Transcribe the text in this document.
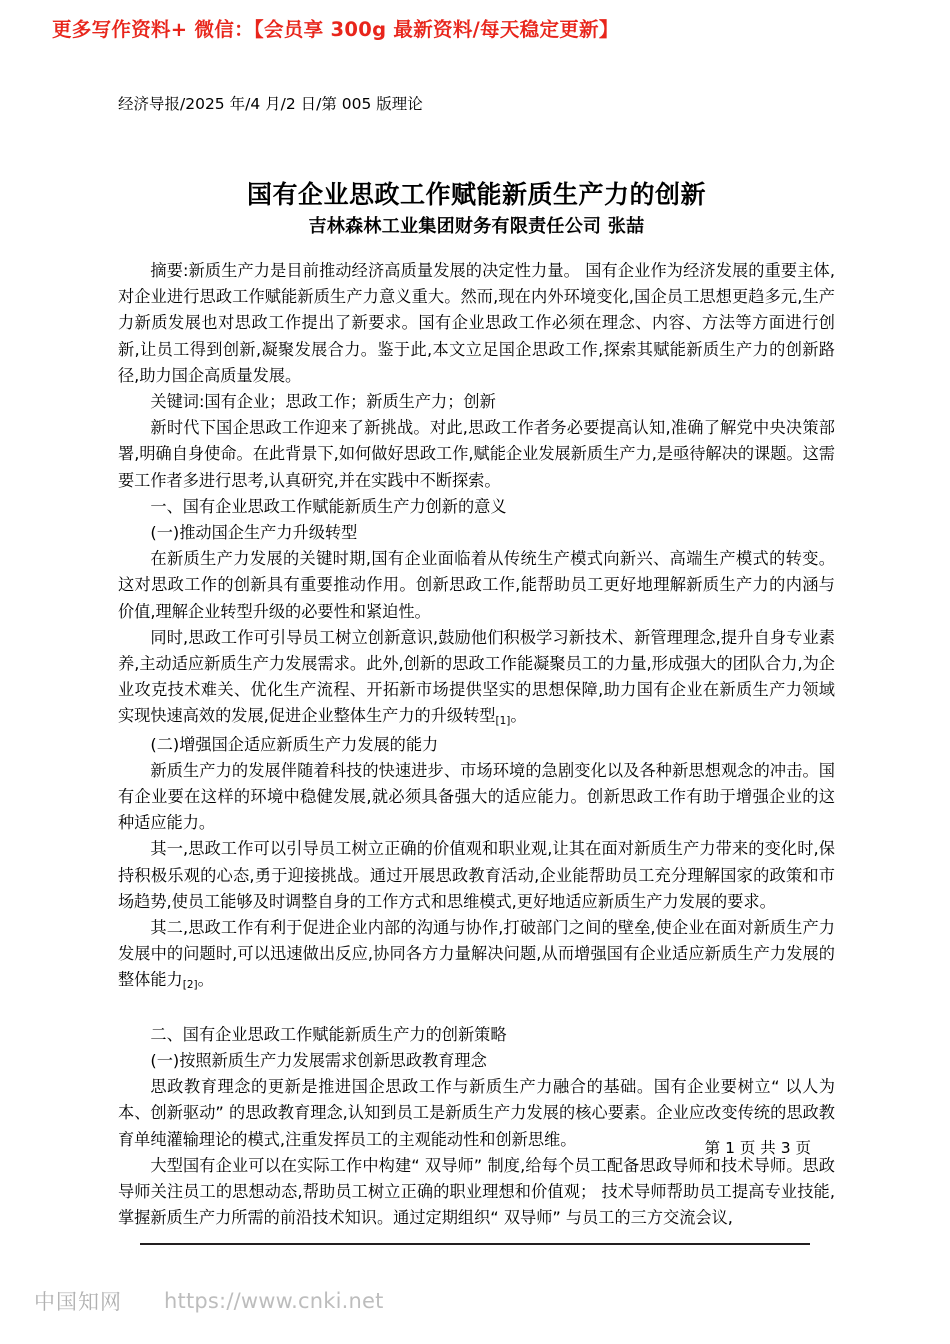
更多写作资料+ 微信：【会员享 300g 最新资料/每天稳定更新】
经济导报/2025 年/4 月/2 日/第 005 版理论
国有企业思政工作赋能新质生产力的创新
吉林森林工业集团财务有限责任公司 张喆

摘要:新质生产力是目前推动经济高质量发展的决定性力量。 国有企业作为经济发展的重要主体,对企业进行思政工作赋能新质生产力意义重大。然而,现在内外环境变化,国企员工思想更趋多元,生产力新质发展也对思政工作提出了新要求。国有企业思政工作必须在理念、内容、方法等方面进行创新,让员工得到创新,凝聚发展合力。鉴于此,本文立足国企思政工作,探索其赋能新质生产力的创新路径,助力国企高质量发展。

关键词:国有企业；思政工作；新质生产力；创新

新时代下国企思政工作迎来了新挑战。对此,思政工作者务必要提高认知,准确了解党中央决策部署,明确自身使命。在此背景下,如何做好思政工作,赋能企业发展新质生产力,是亟待解决的课题。这需要工作者多进行思考,认真研究,并在实践中不断探索。

一、国有企业思政工作赋能新质生产力创新的意义

(一)推动国企生产力升级转型

在新质生产力发展的关键时期,国有企业面临着从传统生产模式向新兴、高端生产模式的转变。这对思政工作的创新具有重要推动作用。创新思政工作,能帮助员工更好地理解新质生产力的内涵与价值,理解企业转型升级的必要性和紧迫性。

同时,思政工作可引导员工树立创新意识,鼓励他们积极学习新技术、新管理理念,提升自身专业素养,主动适应新质生产力发展需求。此外,创新的思政工作能凝聚员工的力量,形成强大的团队合力,为企业攻克技术难关、优化生产流程、开拓新市场提供坚实的思想保障,助力国有企业在新质生产力领域实现快速高效的发展,促进企业整体生产力的升级转型[1]。

(二)增强国企适应新质生产力发展的能力

新质生产力的发展伴随着科技的快速进步、市场环境的急剧变化以及各种新思想观念的冲击。国有企业要在这样的环境中稳健发展,就必须具备强大的适应能力。创新思政工作有助于增强企业的这种适应能力。

其一,思政工作可以引导员工树立正确的价值观和职业观,让其在面对新质生产力带来的变化时,保持积极乐观的心态,勇于迎接挑战。通过开展思政教育活动,企业能帮助员工充分理解国家的政策和市场趋势,使员工能够及时调整自身的工作方式和思维模式,更好地适应新质生产力发展的要求。

其二,思政工作有利于促进企业内部的沟通与协作,打破部门之间的壁垒,使企业在面对新质生产力发展中的问题时,可以迅速做出反应,协同各方力量解决问题,从而增强国有企业适应新质生产力发展的整体能力[2]。

二、国有企业思政工作赋能新质生产力的创新策略

(一)按照新质生产力发展需求创新思政教育理念

思政教育理念的更新是推进国企思政工作与新质生产力融合的基础。国有企业要树立“ 以人为本、创新驱动” 的思政教育理念,认知到员工是新质生产力发展的核心要素。企业应改变传统的思政教育单纯灌输理论的模式,注重发挥员工的主观能动性和创新思维。

大型国有企业可以在实际工作中构建“ 双导师” 制度,给每个员工配备思政导师和技术导师。思政导师关注员工的思想动态,帮助员工树立正确的职业理想和价值观； 技术导师帮助员工提高专业技能,掌握新质生产力所需的前沿技术知识。通过定期组织“ 双导师” 与员工的三方交流会议,

第 1 页 共 3 页
中国知网 https://www.cnki.net
